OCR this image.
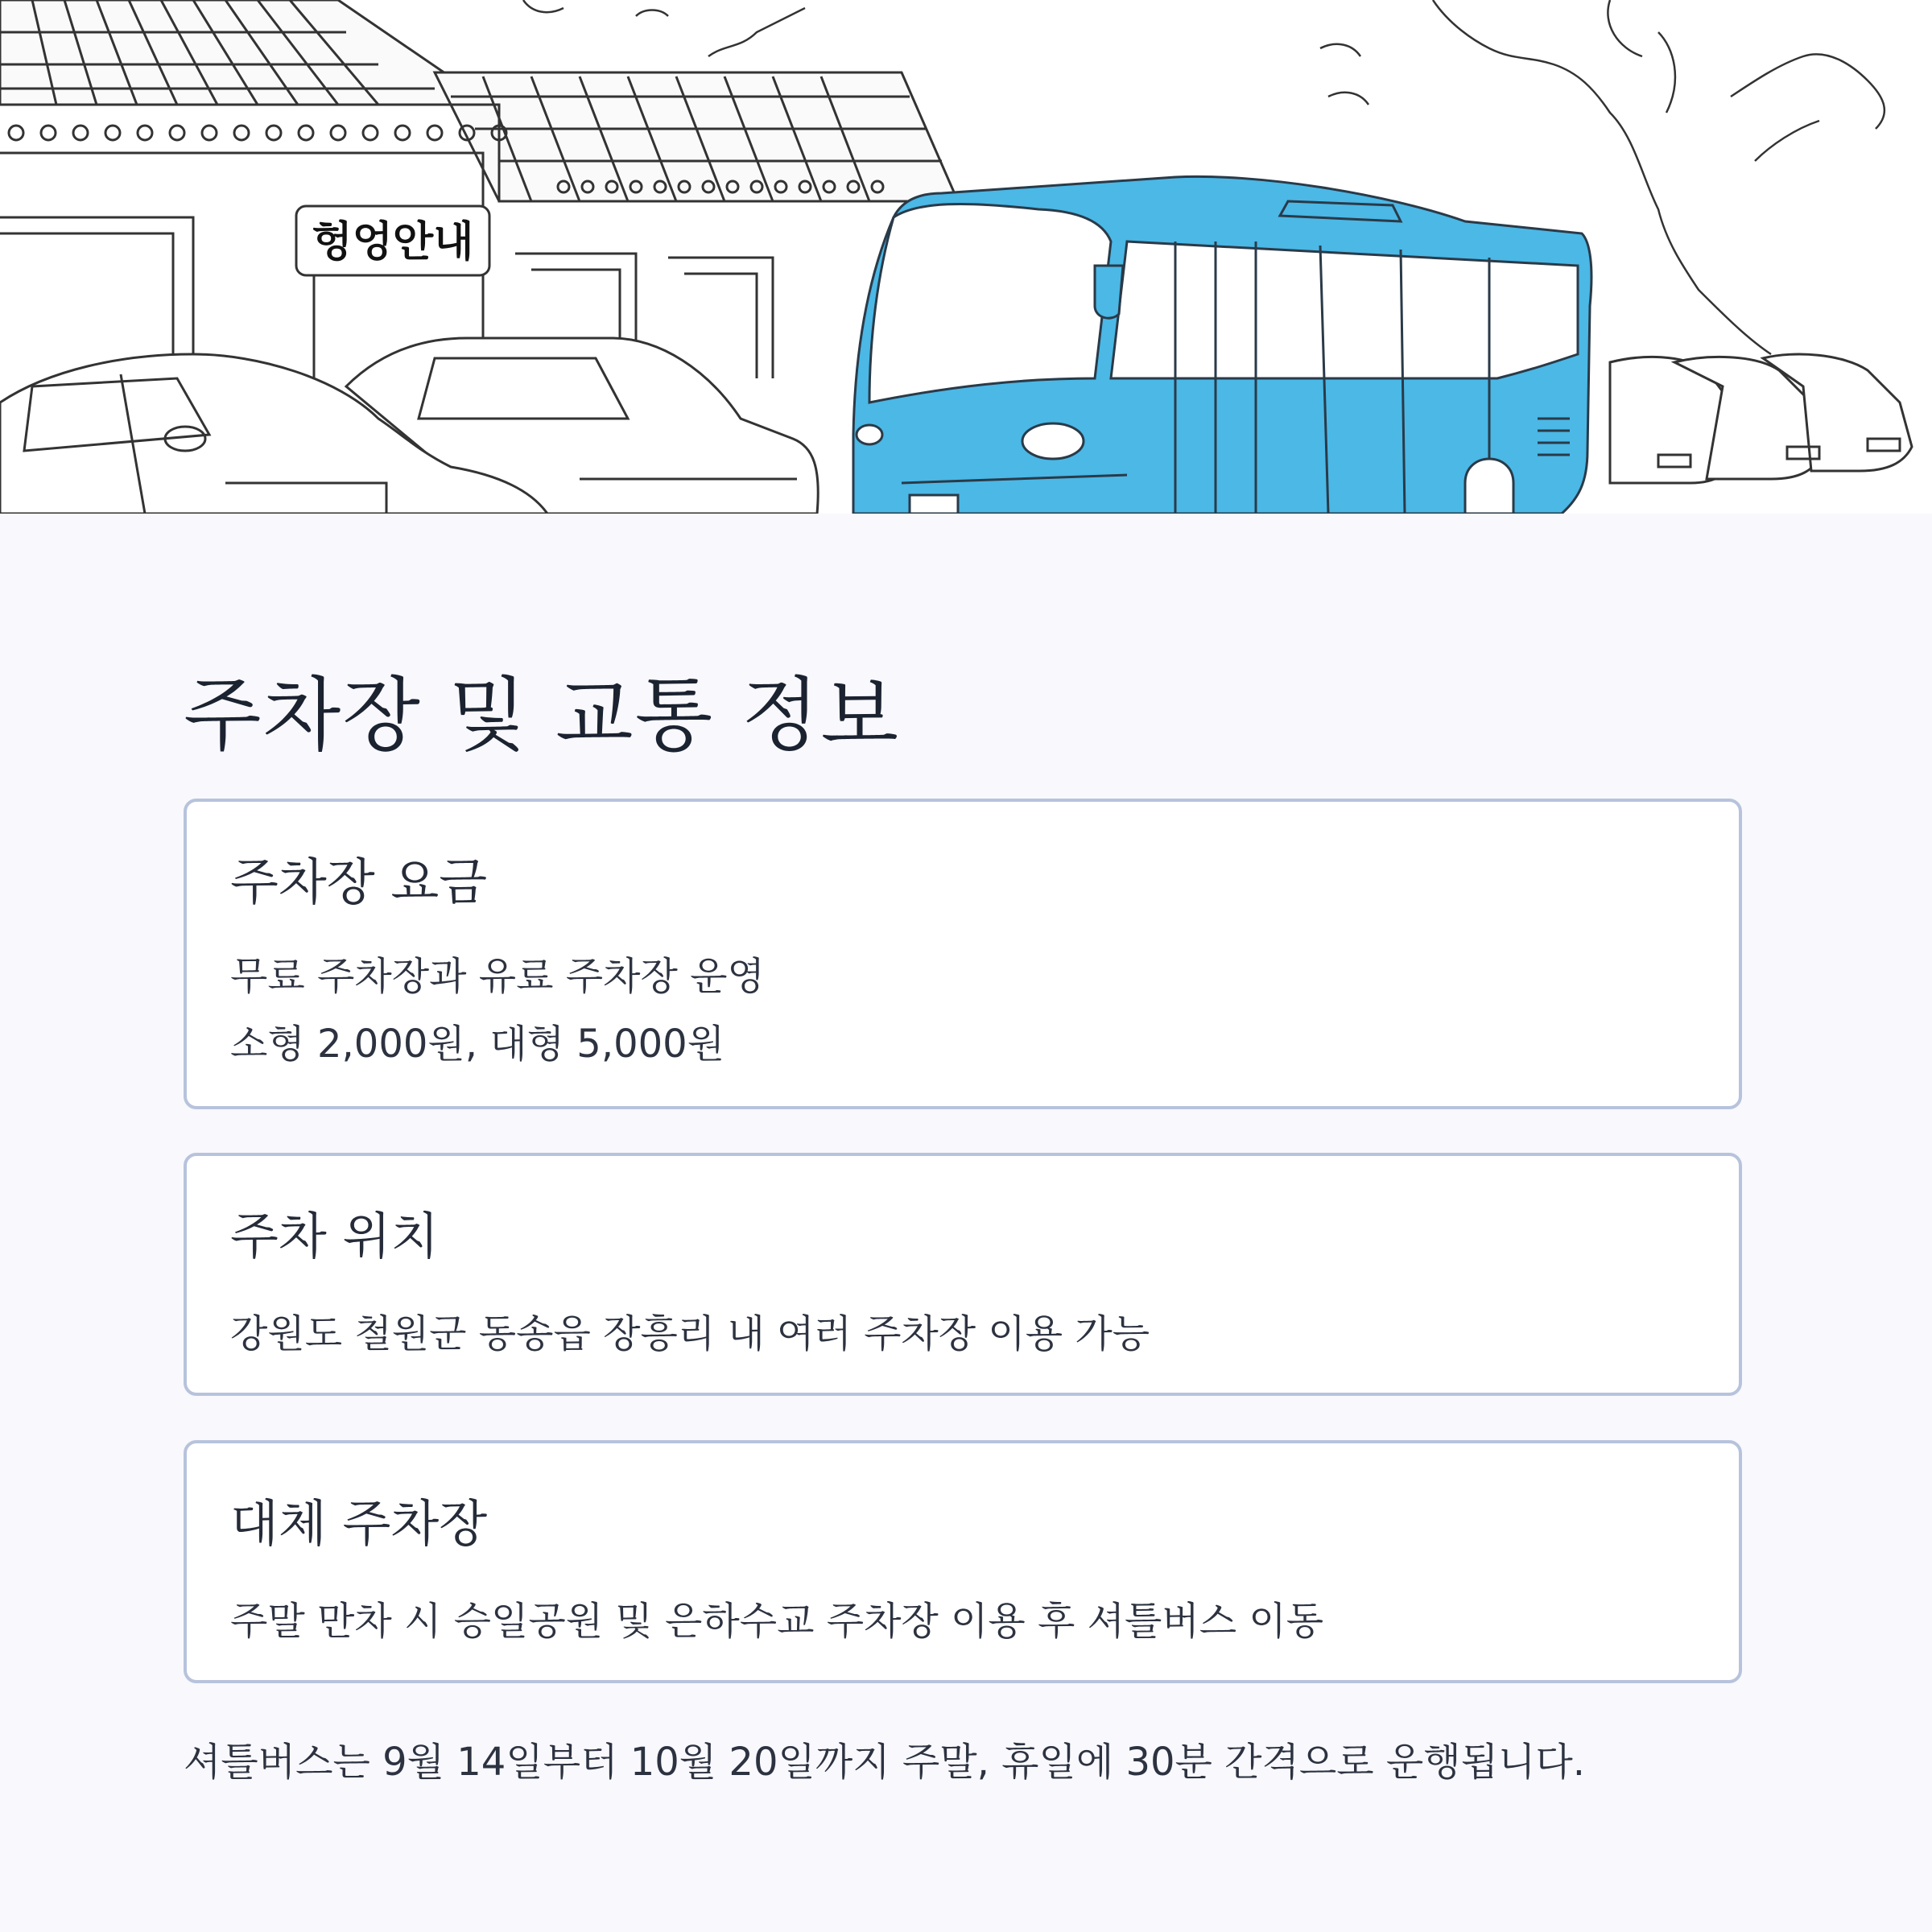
헝엉안내
주차장 및 교통 정보
주차장 요금

무료 주차장과 유료 주차장 운영

소형 2,000원, 대형 5,000원

주차 위치

강원도 철원군 동송읍 장흥리 내 여러 주차장 이용 가능

대체 주차장

주말 만차 시 승일공원 및 은하수교 주차장 이용 후 셔틀버스 이동

셔틀버스는 9월 14일부터 10월 20일까지 주말, 휴일에 30분 간격으로 운행됩니다.
